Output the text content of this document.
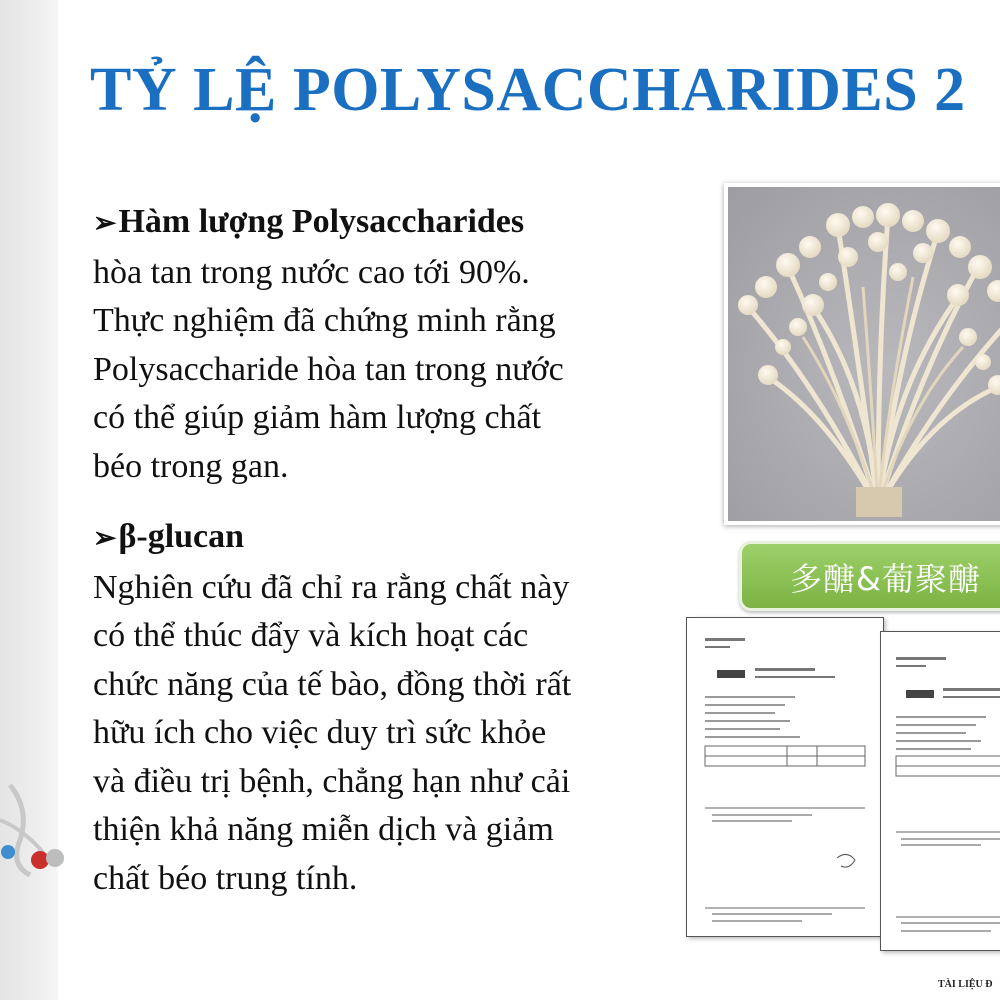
TỶ LỆ POLYSACCHARIDES 2
➢Hàm lượng Polysaccharides
hòa tan trong nước cao tới 90%.
Thực nghiệm đã chứng minh rằng
Polysaccharide hòa tan trong nước
có thể giúp giảm hàm lượng chất
béo trong gan.
➢β-glucan
Nghiên cứu đã chỉ ra rằng chất này
có thể thúc đẩy và kích hoạt các
chức năng của tế bào, đồng thời rất
hữu ích cho việc duy trì sức khỏe
và điều trị bệnh, chẳng hạn như cải
thiện khả năng miễn dịch và giảm
chất béo trung tính.
多醣&葡聚醣
TÀI LIỆU Đ
